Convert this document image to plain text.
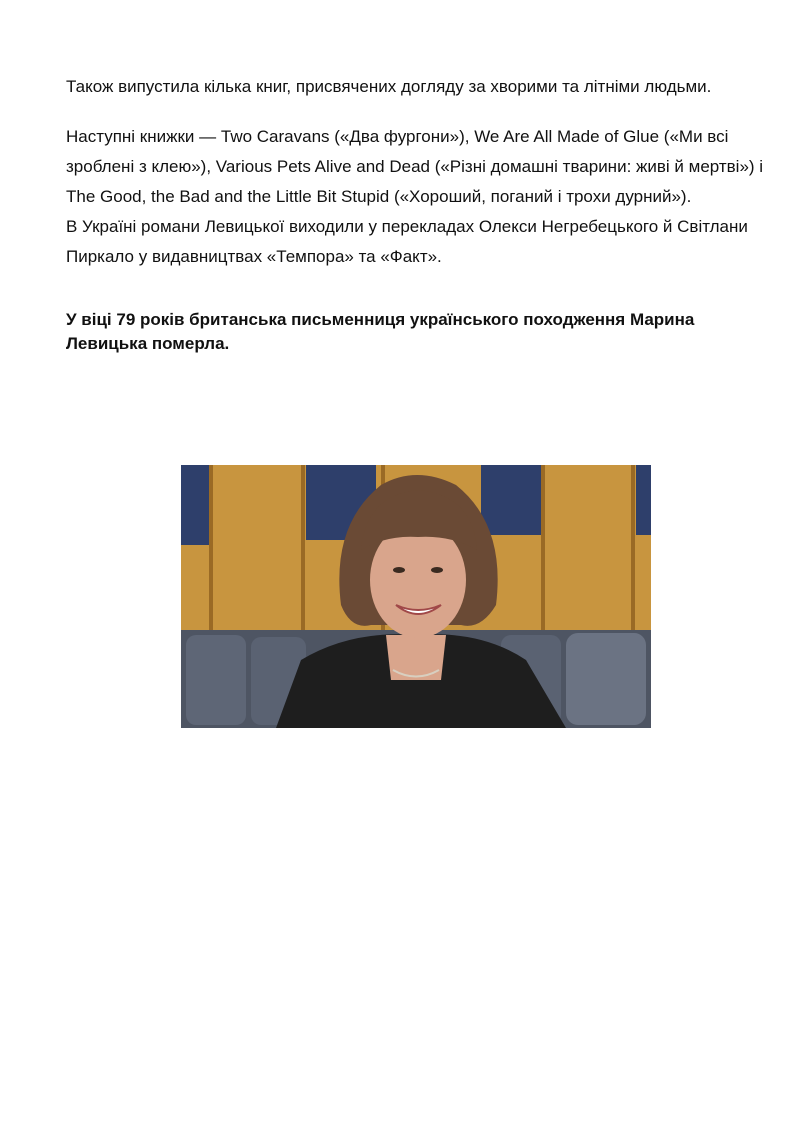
Також випустила кілька книг, присвячених догляду за хворими та літніми людьми.

Наступні книжки — Two Caravans («Два фургони»), We Are All Made of Glue («Ми всі зроблені з клею»), Various Pets Alive and Dead («Різні домашні тварини: живі й мертві») і The Good, the Bad and the Little Bit Stupid («Хороший, поганий і трохи дурний»).

В Україні романи Левицької виходили у перекладах Олекси Негребецького й Світлани Пиркало у видавництвах «Темпора» та «Факт».

У віці 79 років британська письменниця українського походження Марина Левицька померла.
